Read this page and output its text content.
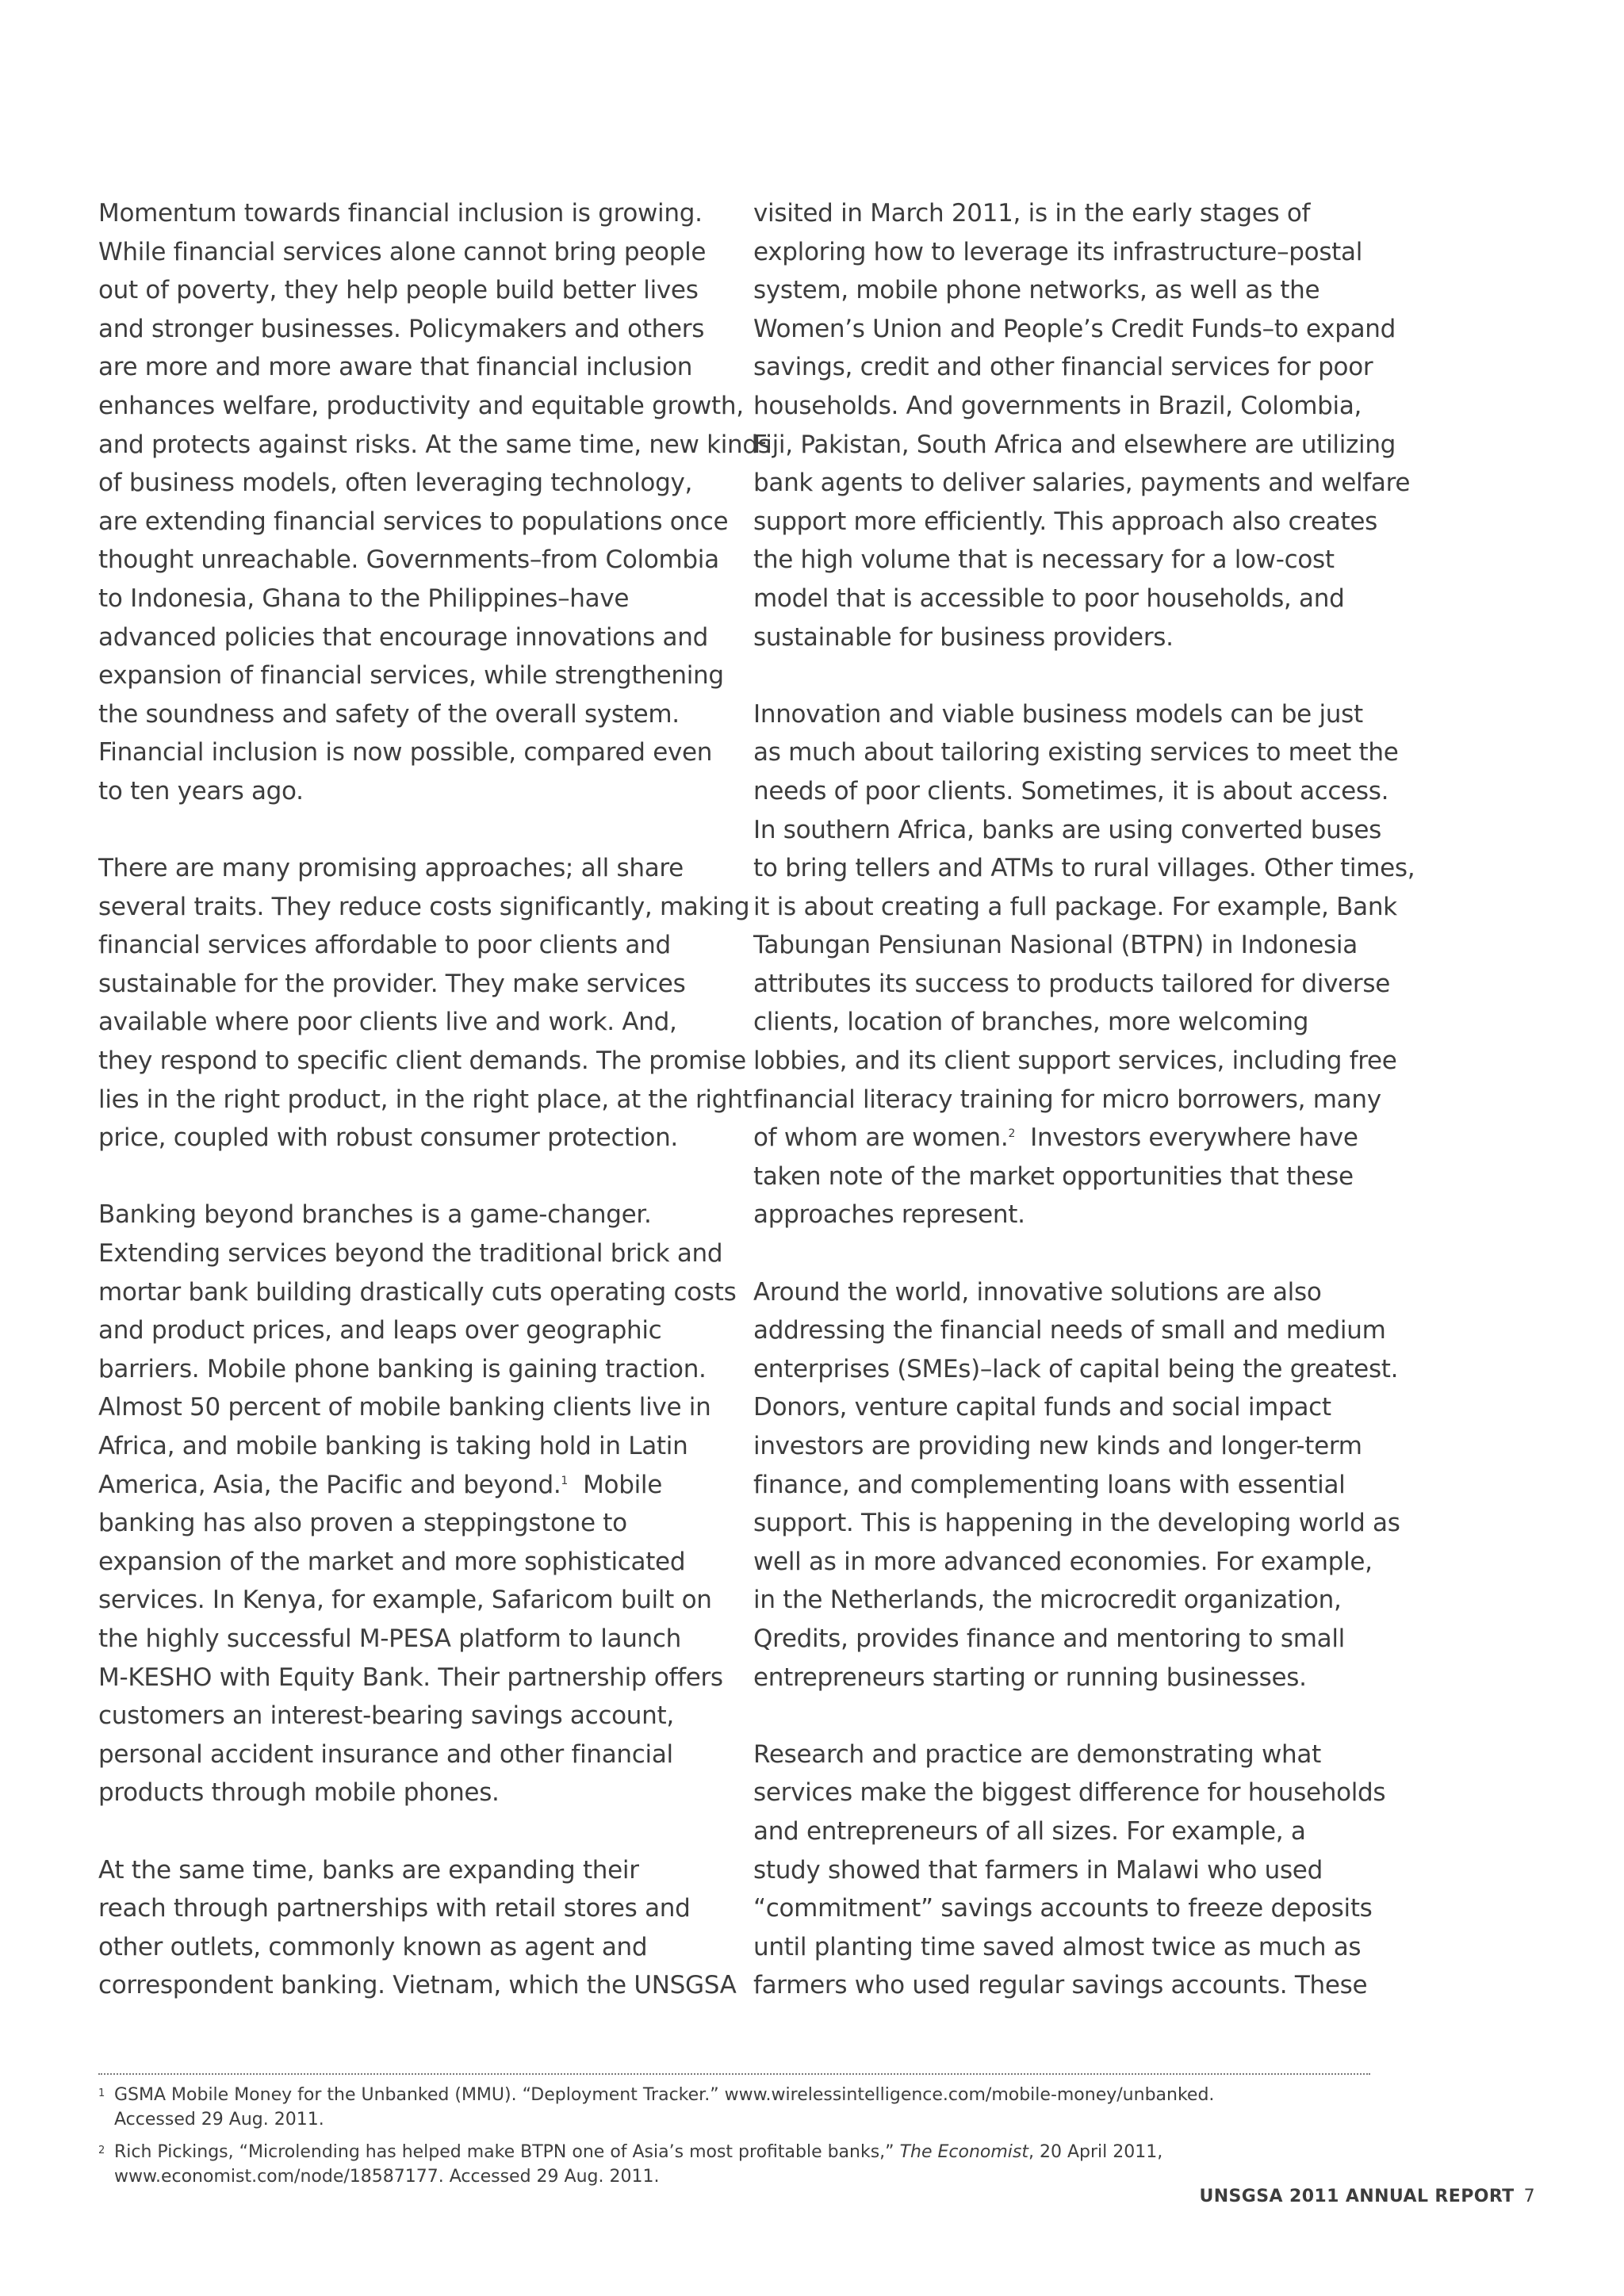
Momentum towards financial inclusion is growing.
While financial services alone cannot bring people
out of poverty, they help people build better lives
and stronger businesses. Policymakers and others
are more and more aware that financial inclusion
enhances welfare, productivity and equitable growth,
and protects against risks. At the same time, new kinds
of business models, often leveraging technology,
are extending financial services to populations once
thought unreachable. Governments–from Colombia
to Indonesia, Ghana to the Philippines–have
advanced policies that encourage innovations and
expansion of financial services, while strengthening
the soundness and safety of the overall system.
Financial inclusion is now possible, compared even
to ten years ago.

There are many promising approaches; all share
several traits. They reduce costs significantly, making
financial services affordable to poor clients and
sustainable for the provider. They make services
available where poor clients live and work. And,
they respond to specific client demands. The promise
lies in the right product, in the right place, at the right
price, coupled with robust consumer protection.

Banking beyond branches is a game-changer.
Extending services beyond the traditional brick and
mortar bank building drastically cuts operating costs
and product prices, and leaps over geographic
barriers. Mobile phone banking is gaining traction.
Almost 50 percent of mobile banking clients live in
Africa, and mobile banking is taking hold in Latin
America, Asia, the Pacific and beyond.$^1$ Mobile
banking has also proven a steppingstone to
expansion of the market and more sophisticated
services. In Kenya, for example, Safaricom built on
the highly successful M-PESA platform to launch
M-KESHO with Equity Bank. Their partnership offers
customers an interest-bearing savings account,
personal accident insurance and other financial
products through mobile phones.

At the same time, banks are expanding their
reach through partnerships with retail stores and
other outlets, commonly known as agent and
correspondent banking. Vietnam, which the UNSGSA

visited in March 2011, is in the early stages of
exploring how to leverage its infrastructure–postal
system, mobile phone networks, as well as the
Women’s Union and People’s Credit Funds–to expand
savings, credit and other financial services for poor
households. And governments in Brazil, Colombia,
Fiji, Pakistan, South Africa and elsewhere are utilizing
bank agents to deliver salaries, payments and welfare
support more efficiently. This approach also creates
the high volume that is necessary for a low-cost
model that is accessible to poor households, and
sustainable for business providers.

Innovation and viable business models can be just
as much about tailoring existing services to meet the
needs of poor clients. Sometimes, it is about access.
In southern Africa, banks are using converted buses
to bring tellers and ATMs to rural villages. Other times,
it is about creating a full package. For example, Bank
Tabungan Pensiunan Nasional (BTPN) in Indonesia
attributes its success to products tailored for diverse
clients, location of branches, more welcoming
lobbies, and its client support services, including free
financial literacy training for micro borrowers, many
of whom are women.$^2$ Investors everywhere have
taken note of the market opportunities that these
approaches represent.

Around the world, innovative solutions are also
addressing the financial needs of small and medium
enterprises (SMEs)–lack of capital being the greatest.
Donors, venture capital funds and social impact
investors are providing new kinds and longer-term
finance, and complementing loans with essential
support. This is happening in the developing world as
well as in more advanced economies. For example,
in the Netherlands, the microcredit organization,
Qredits, provides finance and mentoring to small
entrepreneurs starting or running businesses.

Research and practice are demonstrating what
services make the biggest difference for households
and entrepreneurs of all sizes. For example, a
study showed that farmers in Malawi who used
“commitment” savings accounts to freeze deposits
until planting time saved almost twice as much as
farmers who used regular savings accounts. These

1 GSMA Mobile Money for the Unbanked (MMU). “Deployment Tracker.” www.wirelessintelligence.com/mobile-money/unbanked.
Accessed 29 Aug. 2011.
2 Rich Pickings, “Microlending has helped make BTPN one of Asia’s most profitable banks,” The Economist, 20 April 2011,
www.economist.com/node/18587177. Accessed 29 Aug. 2011.
UNSGSA 2011 ANNUAL REPORT 7
